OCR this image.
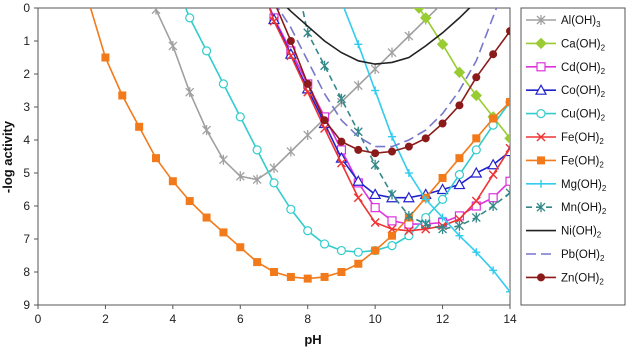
0	2	4	6	8	10	12	14
0
1
2
3
4
5
6
7
8
9
pH
-log activity
$Al(OH)_3$
$Ca(OH)_2$
$Cd(OH)_2$
$Co(OH)_2$
$Cu(OH)_2$
$Fe(OH)_2$
$Fe(OH)_2$
$Mg(OH)_2$
$Mn(OH)_2$
$Ni(OH)_2$
$Pb(OH)_2$
$Zn(OH)_2$
